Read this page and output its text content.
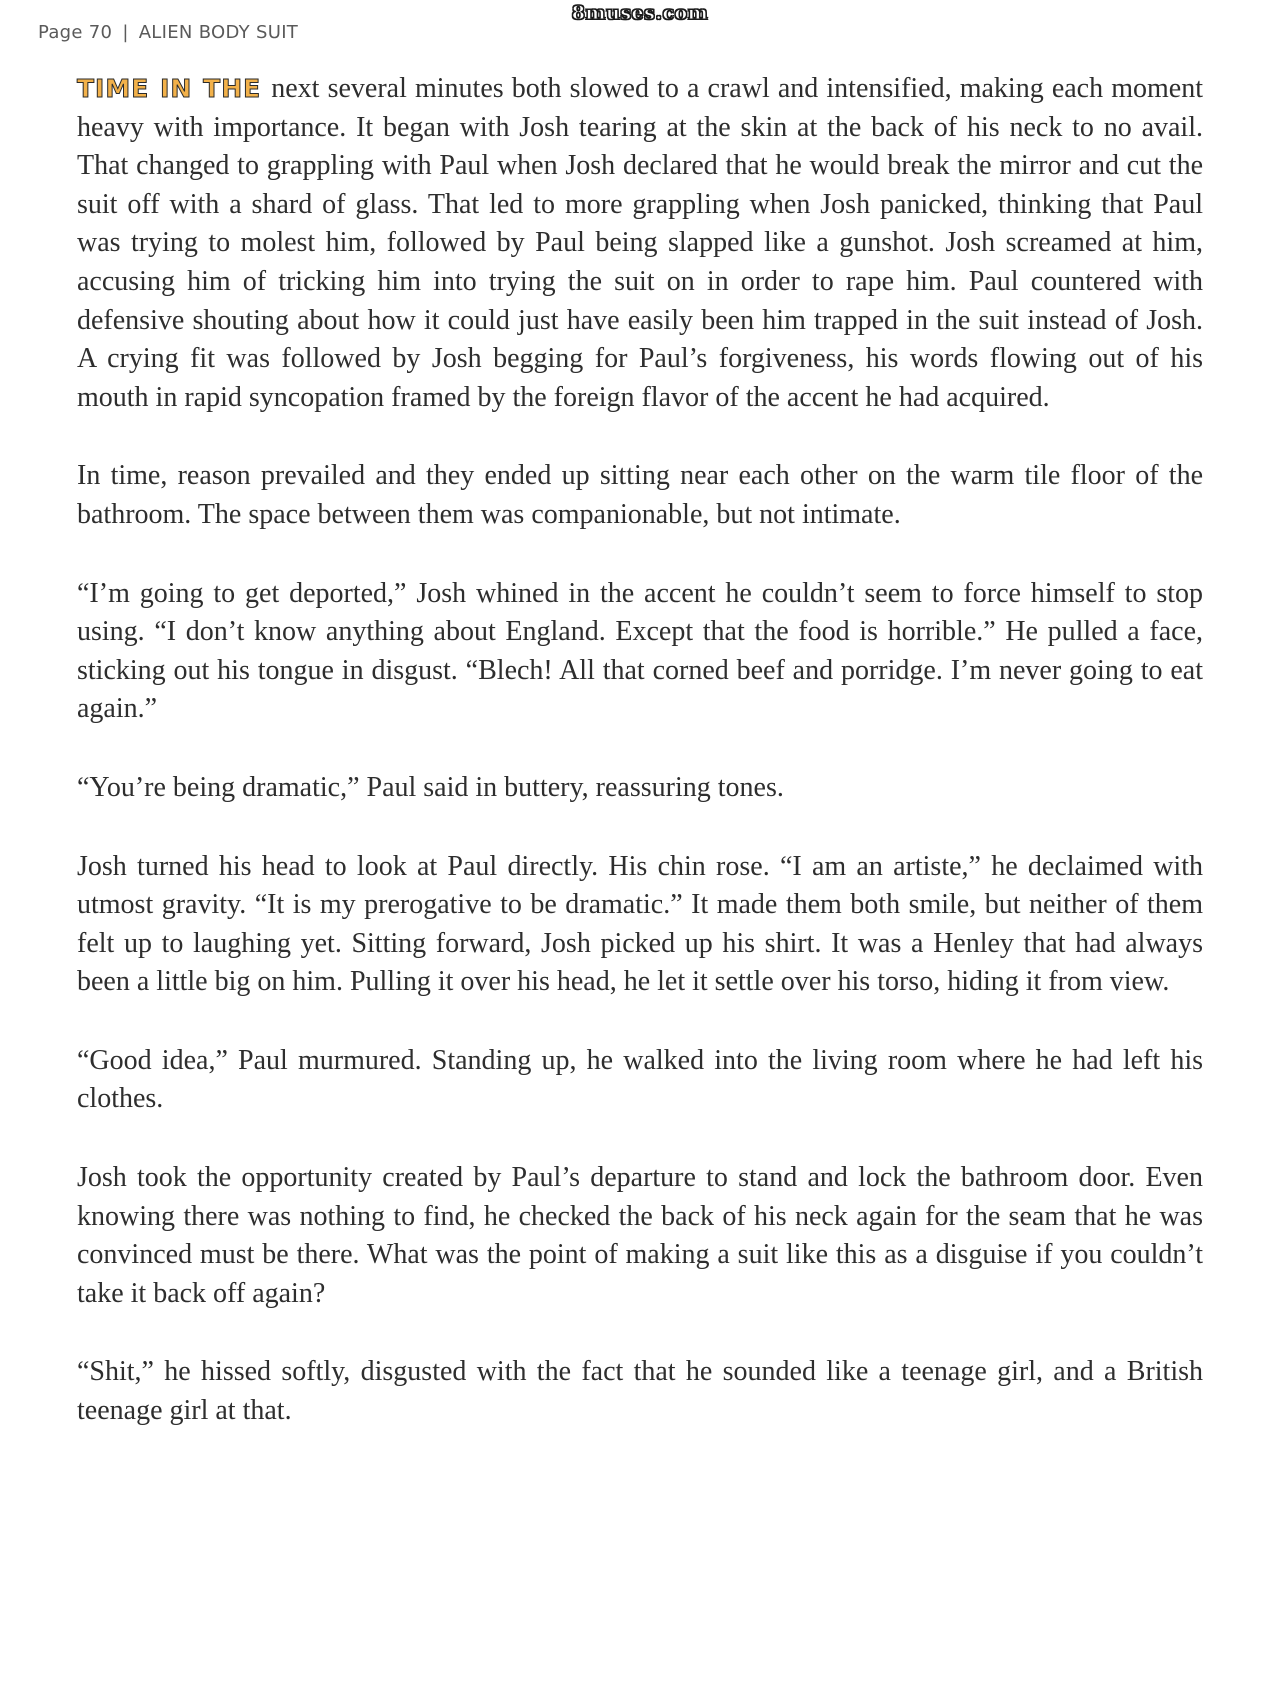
Page 70 | ALIEN BODY SUIT
8muses.com

TIME IN THE next several minutes both slowed to a crawl and intensified, making each moment heavy with importance. It began with Josh tearing at the skin at the back of his neck to no avail. That changed to grappling with Paul when Josh declared that he would break the mirror and cut the suit off with a shard of glass. That led to more grappling when Josh panicked, thinking that Paul was trying to molest him, followed by Paul being slapped like a gunshot. Josh screamed at him, accusing him of tricking him into trying the suit on in order to rape him. Paul countered with defensive shouting about how it could just have easily been him trapped in the suit instead of Josh. A crying fit was followed by Josh begging for Paul’s forgiveness, his words flowing out of his mouth in rapid syncopation framed by the foreign flavor of the accent he had acquired.

In time, reason prevailed and they ended up sitting near each other on the warm tile floor of the bathroom. The space between them was companionable, but not intimate.

“I’m going to get deported,” Josh whined in the accent he couldn’t seem to force himself to stop using. “I don’t know anything about England. Except that the food is horrible.” He pulled a face, sticking out his tongue in disgust. “Blech! All that corned beef and porridge. I’m never going to eat again.”

“You’re being dramatic,” Paul said in buttery, reassuring tones.

Josh turned his head to look at Paul directly. His chin rose. “I am an artiste,” he declaimed with utmost gravity. “It is my prerogative to be dramatic.” It made them both smile, but neither of them felt up to laughing yet. Sitting forward, Josh picked up his shirt. It was a Henley that had always been a little big on him. Pulling it over his head, he let it settle over his torso, hiding it from view.

“Good idea,” Paul murmured. Standing up, he walked into the living room where he had left his clothes.

Josh took the opportunity created by Paul’s departure to stand and lock the bathroom door. Even knowing there was nothing to find, he checked the back of his neck again for the seam that he was convinced must be there. What was the point of making a suit like this as a disguise if you couldn’t take it back off again?

“Shit,” he hissed softly, disgusted with the fact that he sounded like a teenage girl, and a British teenage girl at that.
